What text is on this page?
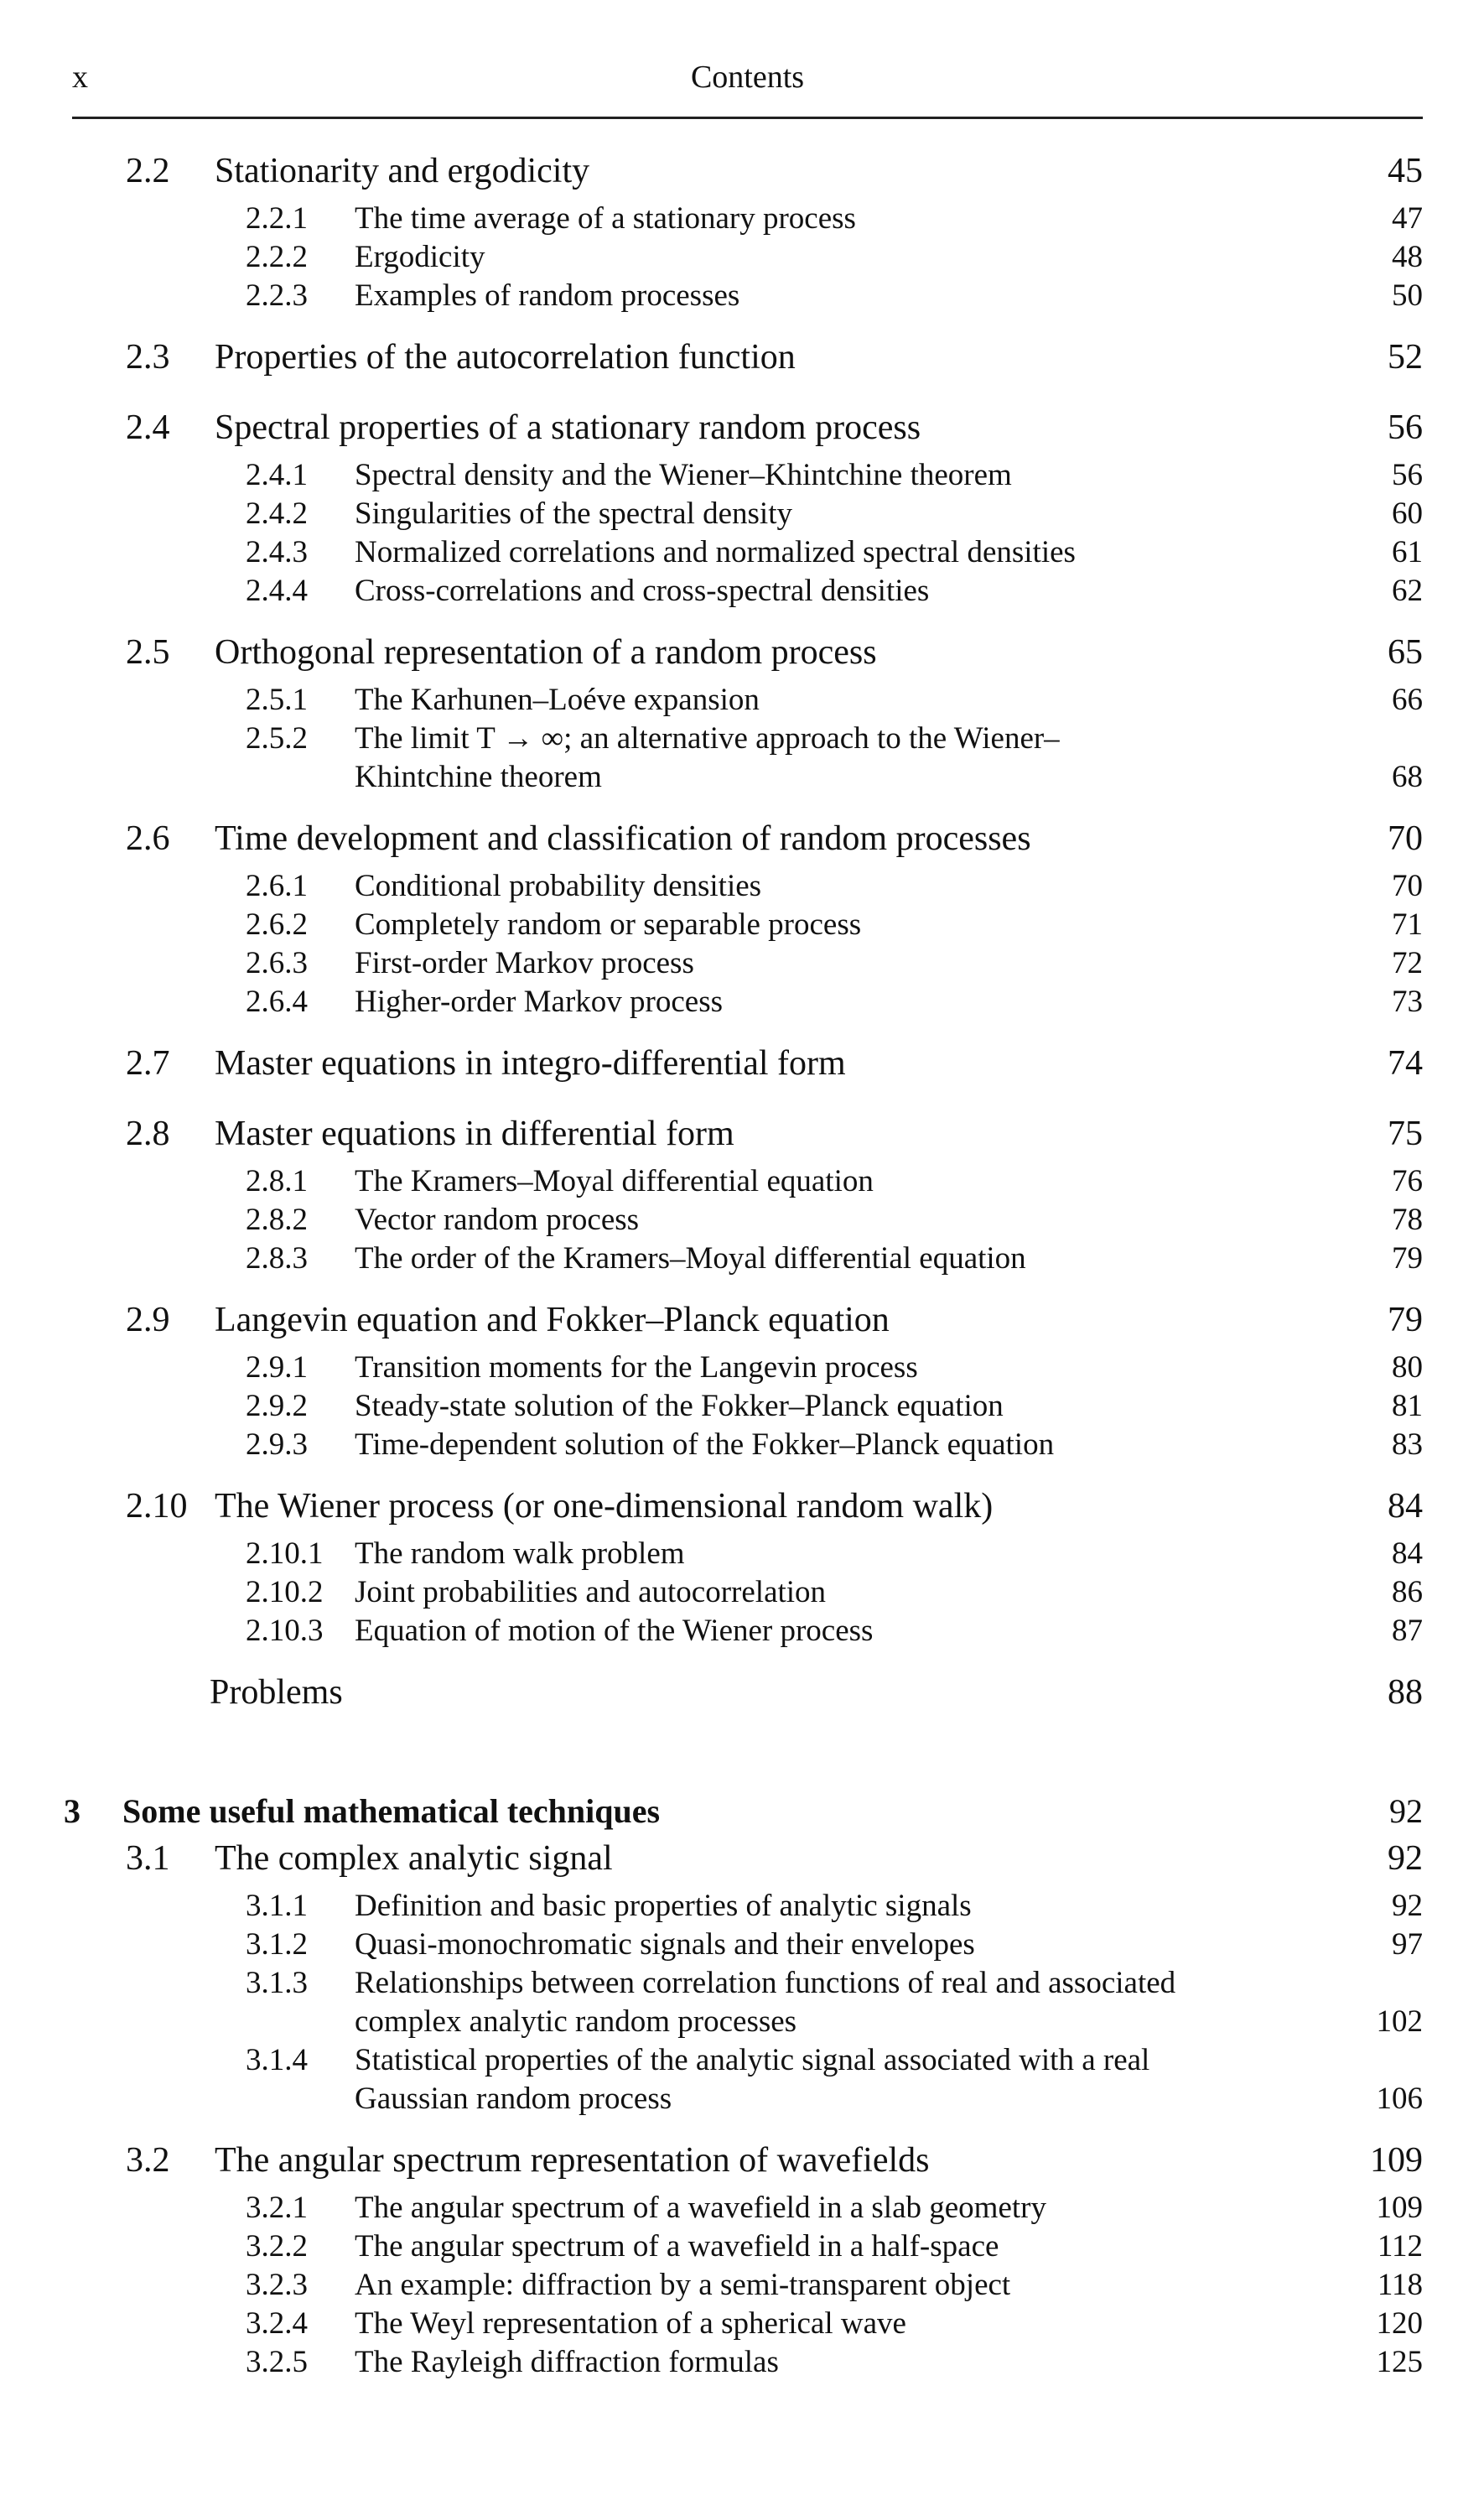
x	Contents
2.2 Stationarity and ergodicity	45
2.2.1 The time average of a stationary process	47
2.2.2 Ergodicity	48
2.2.3 Examples of random processes	50
2.3 Properties of the autocorrelation function	52
2.4 Spectral properties of a stationary random process	56
2.4.1 Spectral density and the Wiener–Khintchine theorem	56
2.4.2 Singularities of the spectral density	60
2.4.3 Normalized correlations and normalized spectral densities	61
2.4.4 Cross-correlations and cross-spectral densities	62
2.5 Orthogonal representation of a random process	65
2.5.1 The Karhunen–Loéve expansion	66
2.5.2 The limit T → ∞; an alternative approach to the Wiener–
Khintchine theorem	68
2.6 Time development and classification of random processes	70
2.6.1 Conditional probability densities	70
2.6.2 Completely random or separable process	71
2.6.3 First-order Markov process	72
2.6.4 Higher-order Markov process	73
2.7 Master equations in integro-differential form	74
2.8 Master equations in differential form	75
2.8.1 The Kramers–Moyal differential equation	76
2.8.2 Vector random process	78
2.8.3 The order of the Kramers–Moyal differential equation	79
2.9 Langevin equation and Fokker–Planck equation	79
2.9.1 Transition moments for the Langevin process	80
2.9.2 Steady-state solution of the Fokker–Planck equation	81
2.9.3 Time-dependent solution of the Fokker–Planck equation	83
2.10 The Wiener process (or one-dimensional random walk)	84
2.10.1 The random walk problem	84
2.10.2 Joint probabilities and autocorrelation	86
2.10.3 Equation of motion of the Wiener process	87
Problems	88
3 Some useful mathematical techniques	92
3.1 The complex analytic signal	92
3.1.1 Definition and basic properties of analytic signals	92
3.1.2 Quasi-monochromatic signals and their envelopes	97
3.1.3 Relationships between correlation functions of real and associated
complex analytic random processes	102
3.1.4 Statistical properties of the analytic signal associated with a real
Gaussian random process	106
3.2 The angular spectrum representation of wavefields	109
3.2.1 The angular spectrum of a wavefield in a slab geometry	109
3.2.2 The angular spectrum of a wavefield in a half-space	112
3.2.3 An example: diffraction by a semi-transparent object	118
3.2.4 The Weyl representation of a spherical wave	120
3.2.5 The Rayleigh diffraction formulas	125
